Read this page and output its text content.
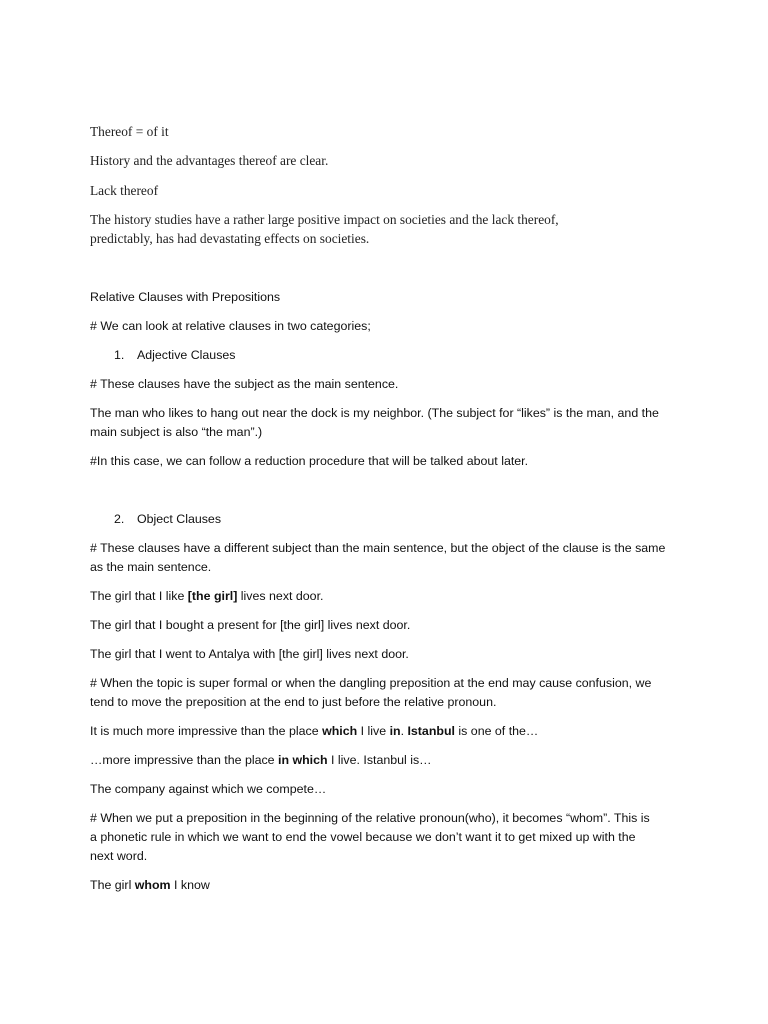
Thereof = of it

History and the advantages thereof are clear.

Lack thereof

The history studies have a rather large positive impact on societies and the lack thereof,
predictably, has had devastating effects on societies.

Relative Clauses with Prepositions

# We can look at relative clauses in two categories;

1. Adjective Clauses

# These clauses have the subject as the main sentence.

The man who likes to hang out near the dock is my neighbor. (The subject for “likes” is the man, and the
main subject is also “the man”.)

#In this case, we can follow a reduction procedure that will be talked about later.

2. Object Clauses

# These clauses have a different subject than the main sentence, but the object of the clause is the same
as the main sentence.

The girl that I like [the girl] lives next door.

The girl that I bought a present for [the girl] lives next door.

The girl that I went to Antalya with [the girl] lives next door.

# When the topic is super formal or when the dangling preposition at the end may cause confusion, we
tend to move the preposition at the end to just before the relative pronoun.

It is much more impressive than the place which I live in. Istanbul is one of the…

…more impressive than the place in which I live. Istanbul is…

The company against which we compete…

# When we put a preposition in the beginning of the relative pronoun(who), it becomes “whom”. This is
a phonetic rule in which we want to end the vowel because we don’t want it to get mixed up with the
next word.

The girl whom I know
